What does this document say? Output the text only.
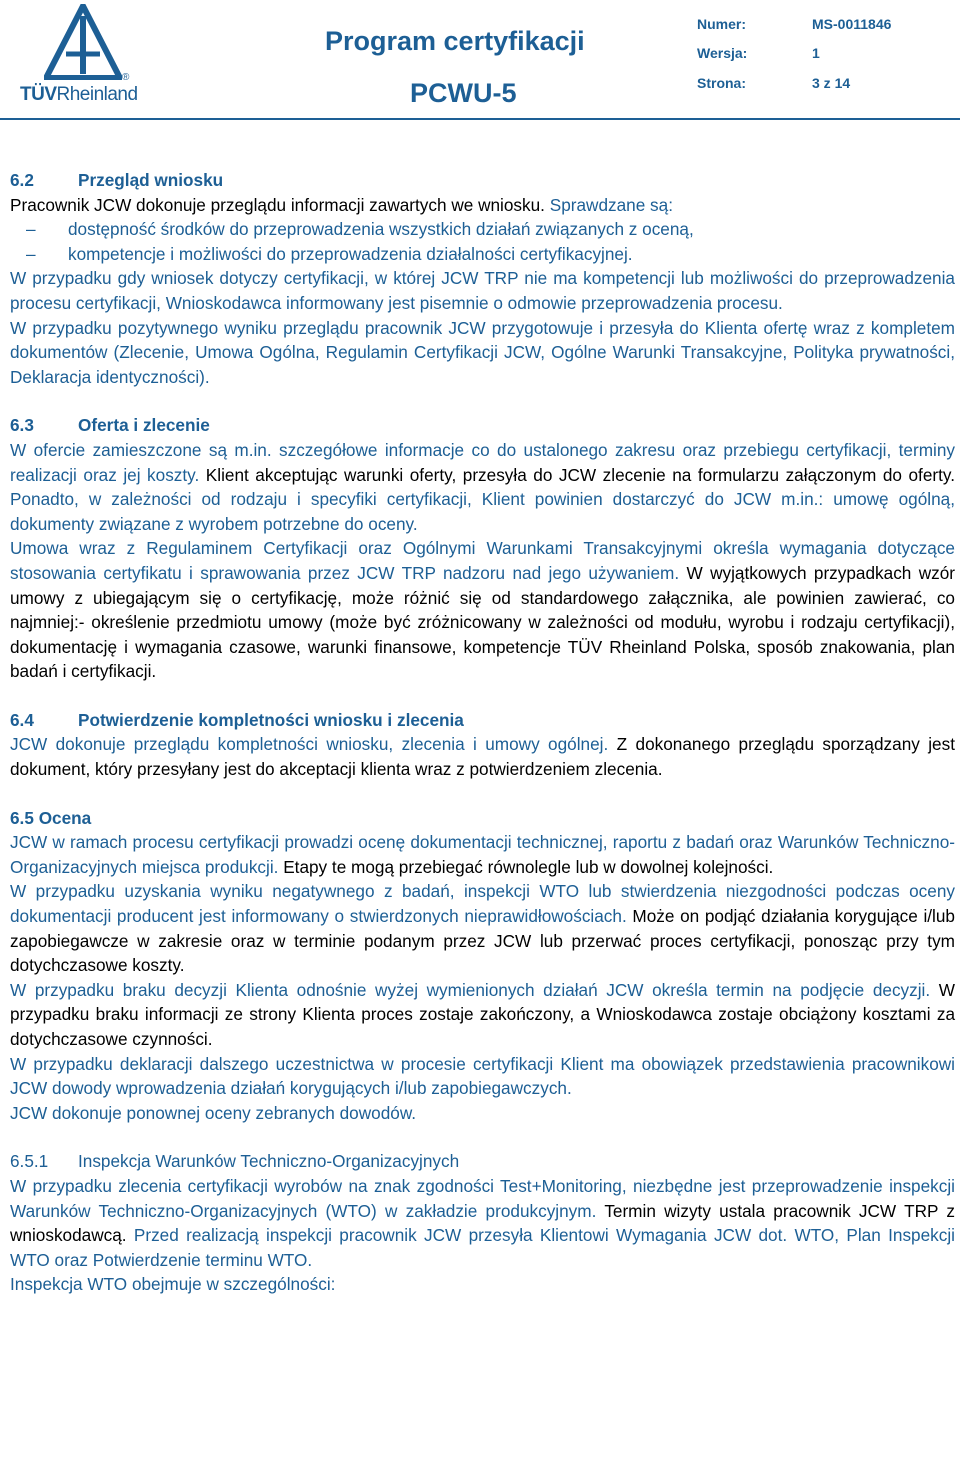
®
TÜVRheinland
Program certyfikacji
PCWU-5
Numer:	MS-0011846
Wersja:	1
Strona:	3 z 14

6.2	Przegląd wniosku

Pracownik JCW dokonuje przeglądu informacji zawartych we wniosku. Sprawdzane są:

– dostępność środków do przeprowadzenia wszystkich działań związanych z oceną,

– kompetencje i możliwości do przeprowadzenia działalności certyfikacyjnej.

W przypadku gdy wniosek dotyczy certyfikacji, w której JCW TRP nie ma kompetencji lub możliwości do przeprowadzenia procesu certyfikacji, Wnioskodawca informowany jest pisemnie o odmowie przeprowadzenia procesu.

W przypadku pozytywnego wyniku przeglądu pracownik JCW przygotowuje i przesyła do Klienta ofertę wraz z kompletem dokumentów (Zlecenie, Umowa Ogólna, Regulamin Certyfikacji JCW, Ogólne Warunki Transakcyjne, Polityka prywatności, Deklaracja identyczności).

6.3	Oferta i zlecenie

W ofercie zamieszczone są m.in. szczegółowe informacje co do ustalonego zakresu oraz przebiegu certyfikacji, terminy realizacji oraz jej koszty. Klient akceptując warunki oferty, przesyła do JCW zlecenie na formularzu załączonym do oferty. Ponadto, w zależności od rodzaju i specyfiki certyfikacji, Klient powinien dostarczyć do JCW m.in.: umowę ogólną, dokumenty związane z wyrobem potrzebne do oceny.

Umowa wraz z Regulaminem Certyfikacji oraz Ogólnymi Warunkami Transakcyjnymi określa wymagania dotyczące stosowania certyfikatu i sprawowania przez JCW TRP nadzoru nad jego używaniem. W wyjątkowych przypadkach wzór umowy z ubiegającym się o certyfikację, może różnić się od standardowego załącznika, ale powinien zawierać, co najmniej:- określenie przedmiotu umowy (może być zróżnicowany w zależności od modułu, wyrobu i rodzaju certyfikacji), dokumentację i wymagania czasowe, warunki finansowe, kompetencje TÜV Rheinland Polska, sposób znakowania, plan badań i certyfikacji.

6.4	Potwierdzenie kompletności wniosku i zlecenia

JCW dokonuje przeglądu kompletności wniosku, zlecenia i umowy ogólnej. Z dokonanego przeglądu sporządzany jest dokument, który przesyłany jest do akceptacji klienta wraz z potwierdzeniem zlecenia.

6.5 Ocena

JCW w ramach procesu certyfikacji prowadzi ocenę dokumentacji technicznej, raportu z badań oraz Warunków Techniczno-Organizacyjnych miejsca produkcji. Etapy te mogą przebiegać równolegle lub w dowolnej kolejności.

W przypadku uzyskania wyniku negatywnego z badań, inspekcji WTO lub stwierdzenia niezgodności podczas oceny dokumentacji producent jest informowany o stwierdzonych nieprawidłowościach. Może on podjąć działania korygujące i/lub zapobiegawcze w zakresie oraz w terminie podanym przez JCW lub przerwać proces certyfikacji, ponosząc przy tym dotychczasowe koszty.

W przypadku braku decyzji Klienta odnośnie wyżej wymienionych działań JCW określa termin na podjęcie decyzji. W przypadku braku informacji ze strony Klienta proces zostaje zakończony, a Wnioskodawca zostaje obciążony kosztami za dotychczasowe czynności.

W przypadku deklaracji dalszego uczestnictwa w procesie certyfikacji Klient ma obowiązek przedstawienia pracownikowi JCW dowody wprowadzenia działań korygujących i/lub zapobiegawczych.

JCW dokonuje ponownej oceny zebranych dowodów.

6.5.1 Inspekcja Warunków Techniczno-Organizacyjnych

W przypadku zlecenia certyfikacji wyrobów na znak zgodności Test+Monitoring, niezbędne jest przeprowadzenie inspekcji Warunków Techniczno-Organizacyjnych (WTO) w zakładzie produkcyjnym. Termin wizyty ustala pracownik JCW TRP z wnioskodawcą. Przed realizacją inspekcji pracownik JCW przesyła Klientowi Wymagania JCW dot. WTO, Plan Inspekcji WTO oraz Potwierdzenie terminu WTO.

Inspekcja WTO obejmuje w szczególności:
